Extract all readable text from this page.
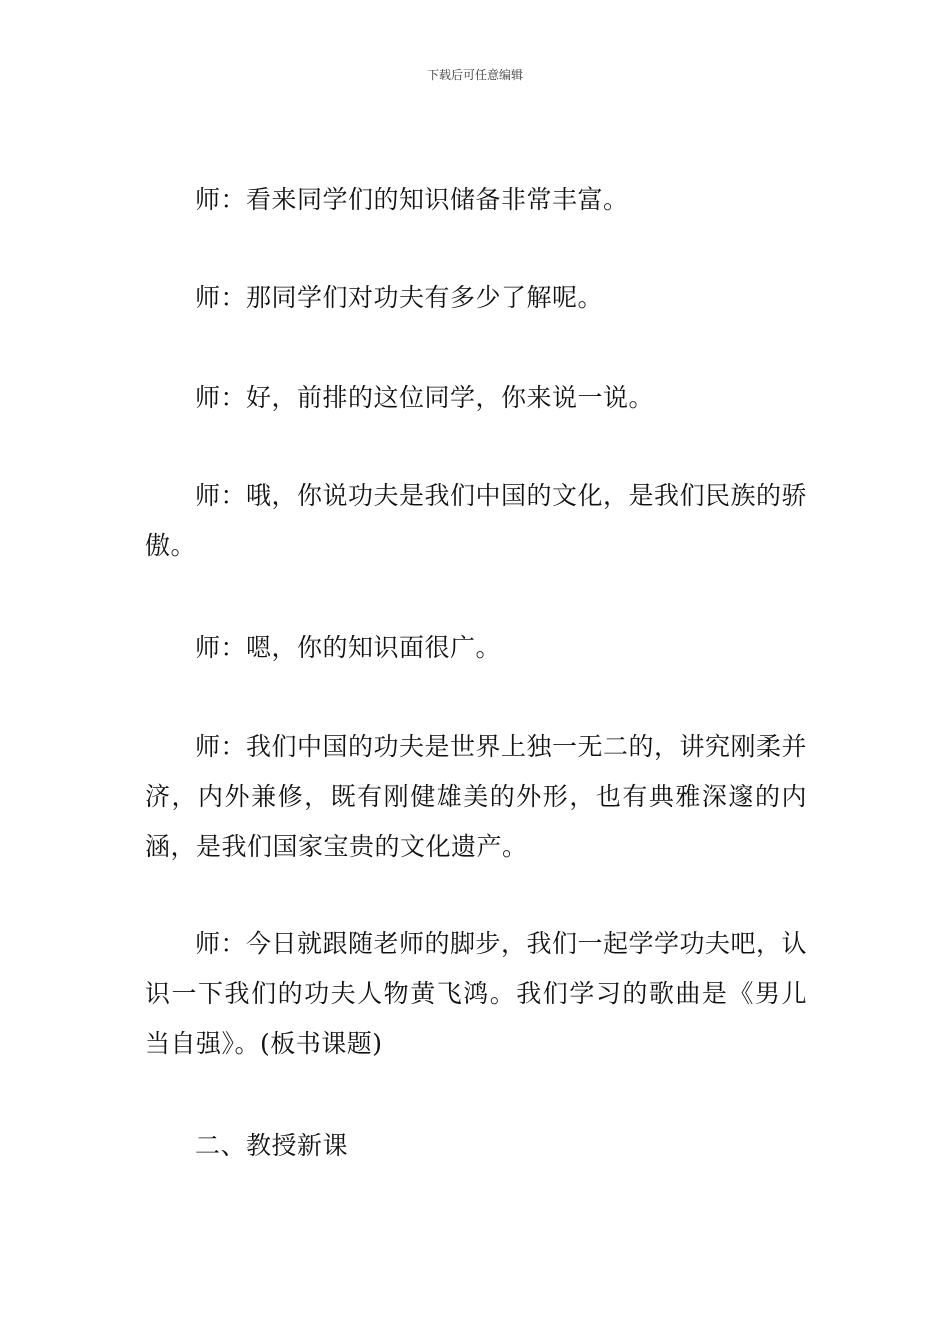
下载后可任意编辑

师：看来同学们的知识储备非常丰富。

师：那同学们对功夫有多少了解呢。

师：好，前排的这位同学，你来说一说。

师：哦，你说功夫是我们中国的文化，是我们民族的骄傲。

师：嗯，你的知识面很广。

师：我们中国的功夫是世界上独一无二的，讲究刚柔并济，内外兼修，既有刚健雄美的外形，也有典雅深邃的内涵，是我们国家宝贵的文化遗产。

师：今日就跟随老师的脚步，我们一起学学功夫吧，认识一下我们的功夫人物黄飞鸿。我们学习的歌曲是《男儿当自强》。(板书课题)

二、教授新课
